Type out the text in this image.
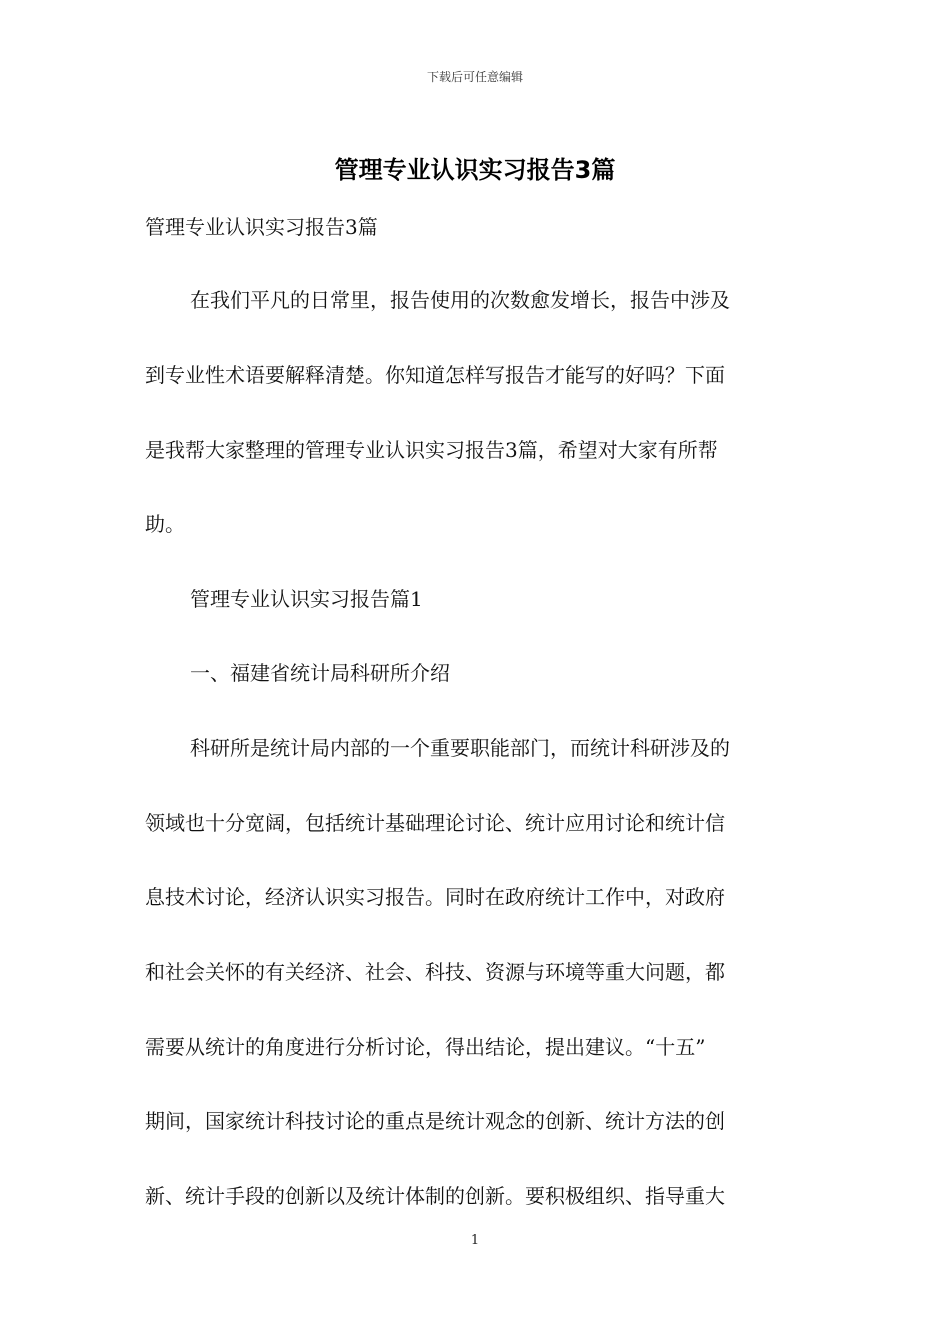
下载后可任意编辑
管理专业认识实习报告3篇
管理专业认识实习报告3篇
在我们平凡的日常里，报告使用的次数愈发增长，报告中涉及
到专业性术语要解释清楚。你知道怎样写报告才能写的好吗？下面
是我帮大家整理的管理专业认识实习报告3篇，希望对大家有所帮
助。
管理专业认识实习报告篇1
一、福建省统计局科研所介绍
科研所是统计局内部的一个重要职能部门，而统计科研涉及的
领域也十分宽阔，包括统计基础理论讨论、统计应用讨论和统计信
息技术讨论，经济认识实习报告。同时在政府统计工作中，对政府
和社会关怀的有关经济、社会、科技、资源与环境等重大问题，都
需要从统计的角度进行分析讨论，得出结论，提出建议。“十五”
期间，国家统计科技讨论的重点是统计观念的创新、统计方法的创
新、统计手段的创新以及统计体制的创新。要积极组织、指导重大
1
